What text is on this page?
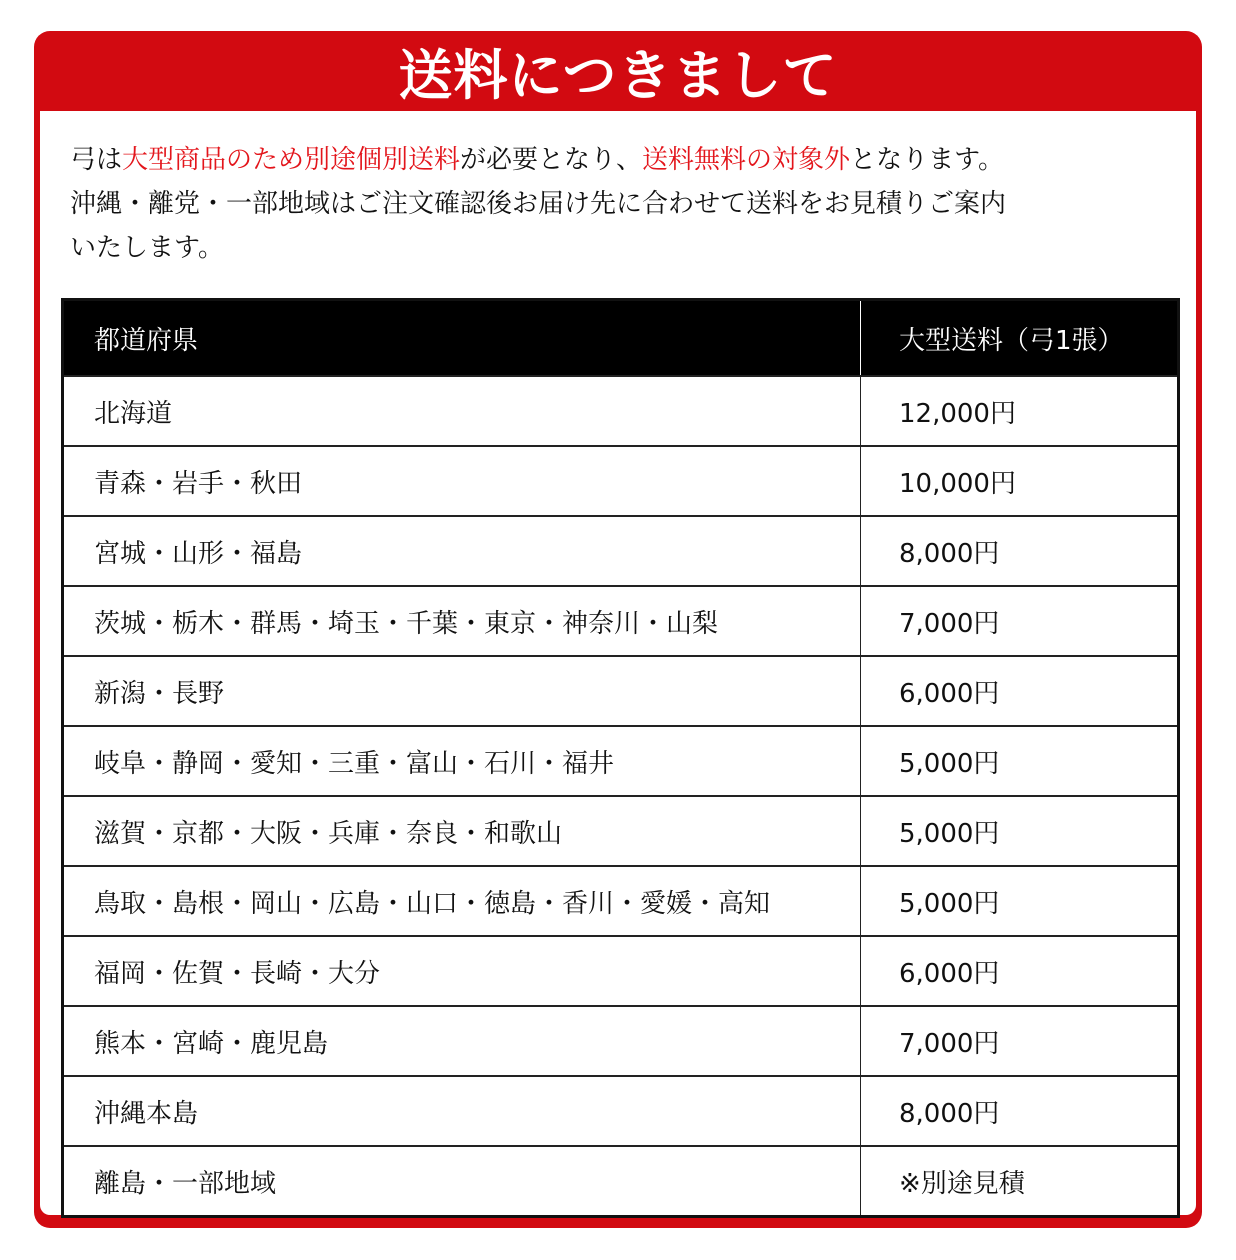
送料につきまして
弓は大型商品のため別途個別送料が必要となり、送料無料の対象外となります。
沖縄・離党・一部地域はご注文確認後お届け先に合わせて送料をお見積りご案内
いたします。
都道府県	大型送料（弓1張）
北海道	12,000円
青森・岩手・秋田	10,000円
宮城・山形・福島	8,000円
茨城・栃木・群馬・埼玉・千葉・東京・神奈川・山梨	7,000円
新潟・長野	6,000円
岐阜・静岡・愛知・三重・富山・石川・福井	5,000円
滋賀・京都・大阪・兵庫・奈良・和歌山	5,000円
鳥取・島根・岡山・広島・山口・徳島・香川・愛媛・高知	5,000円
福岡・佐賀・長崎・大分	6,000円
熊本・宮崎・鹿児島	7,000円
沖縄本島	8,000円
離島・一部地域	※別途見積
